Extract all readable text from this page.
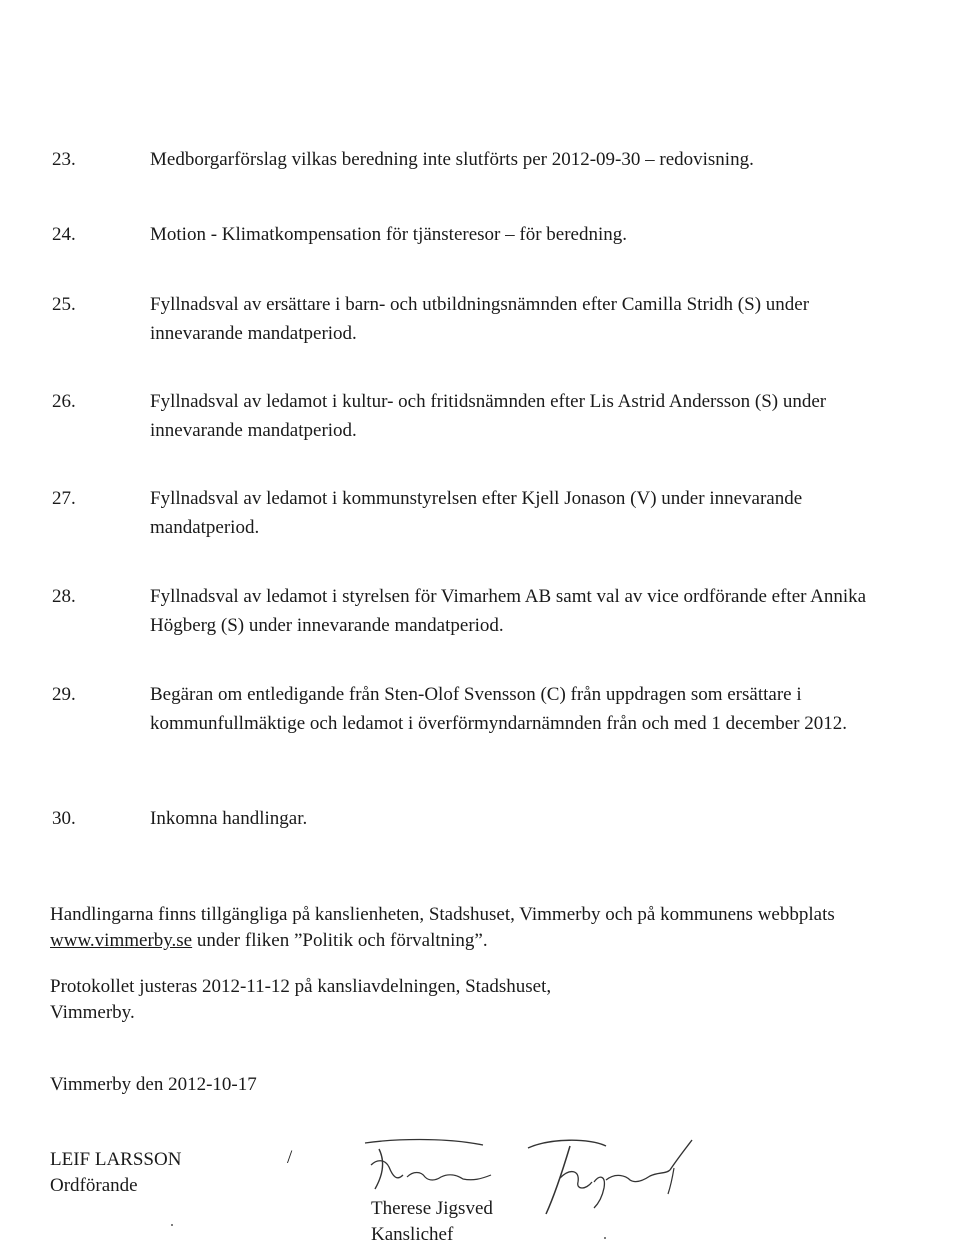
23.	Medborgarförslag vilkas beredning inte slutförts per 2012-09-30 – redovisning.
24.	Motion - Klimatkompensation för tjänsteresor – för beredning.
25.	Fyllnadsval av ersättare i barn- och utbildningsnämnden efter Camilla Stridh (S) under innevarande mandatperiod.
26.	Fyllnadsval av ledamot i kultur- och fritidsnämnden efter Lis Astrid Andersson (S) under innevarande mandatperiod.
27.	Fyllnadsval av ledamot i kommunstyrelsen efter Kjell Jonason (V) under innevarande mandatperiod.
28.	Fyllnadsval av ledamot i styrelsen för Vimarhem AB samt val av vice ordförande efter Annika Högberg (S) under innevarande mandatperiod.
29.	Begäran om entledigande från Sten-Olof Svensson (C) från uppdragen som ersättare i kommunfullmäktige och ledamot i överförmyndarnämnden från och med 1 december 2012.
30.	Inkomna handlingar.
Handlingarna finns tillgängliga på kanslienheten, Stadshuset, Vimmerby och på kommunens webbplats www.vimmerby.se under fliken ”Politik och förvaltning”.
Protokollet justeras 2012-11-12 på kansliavdelningen, Stadshuset, Vimmerby.
Vimmerby den 2012-10-17
LEIF LARSSON
Ordförande
/
Therese Jigsved
Kanslichef
